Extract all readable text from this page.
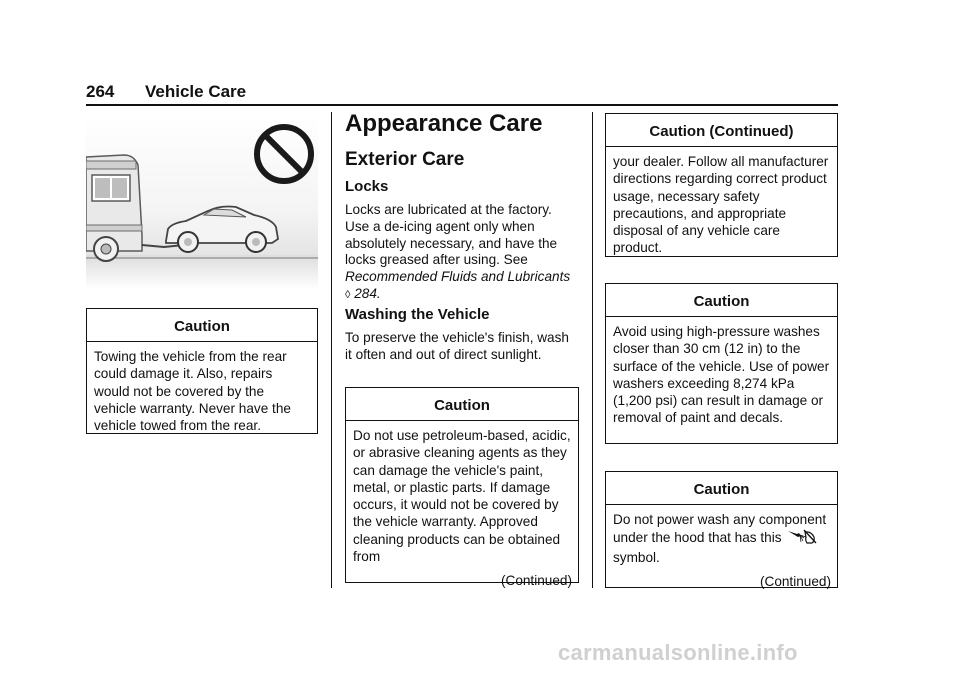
264 Vehicle Care
Caution
Towing the vehicle from the rear could damage it. Also, repairs would not be covered by the vehicle warranty. Never have the vehicle towed from the rear.
Appearance Care
Exterior Care
Locks
Locks are lubricated at the factory. Use a de-icing agent only when absolutely necessary, and have the locks greased after using. See
Recommended Fluids and Lubricants ◊ 284.
Washing the Vehicle
To preserve the vehicle's finish, wash it often and out of direct sunlight.
Caution
Do not use petroleum-based, acidic, or abrasive cleaning agents as they can damage the vehicle's paint, metal, or plastic parts. If damage occurs, it would not be covered by the vehicle warranty. Approved cleaning products can be obtained from
(Continued)
Caution (Continued)
your dealer. Follow all manufacturer directions regarding correct product usage, necessary safety precautions, and appropriate disposal of any vehicle care product.
Caution
Avoid using high-pressure washes closer than 30 cm (12 in) to the surface of the vehicle. Use of power washers exceeding 8,274 kPa (1,200 psi) can result in damage or removal of paint and decals.
Caution
Do not power wash any component under the hood that has this  symbol.
(Continued)
carmanualsonline.info
